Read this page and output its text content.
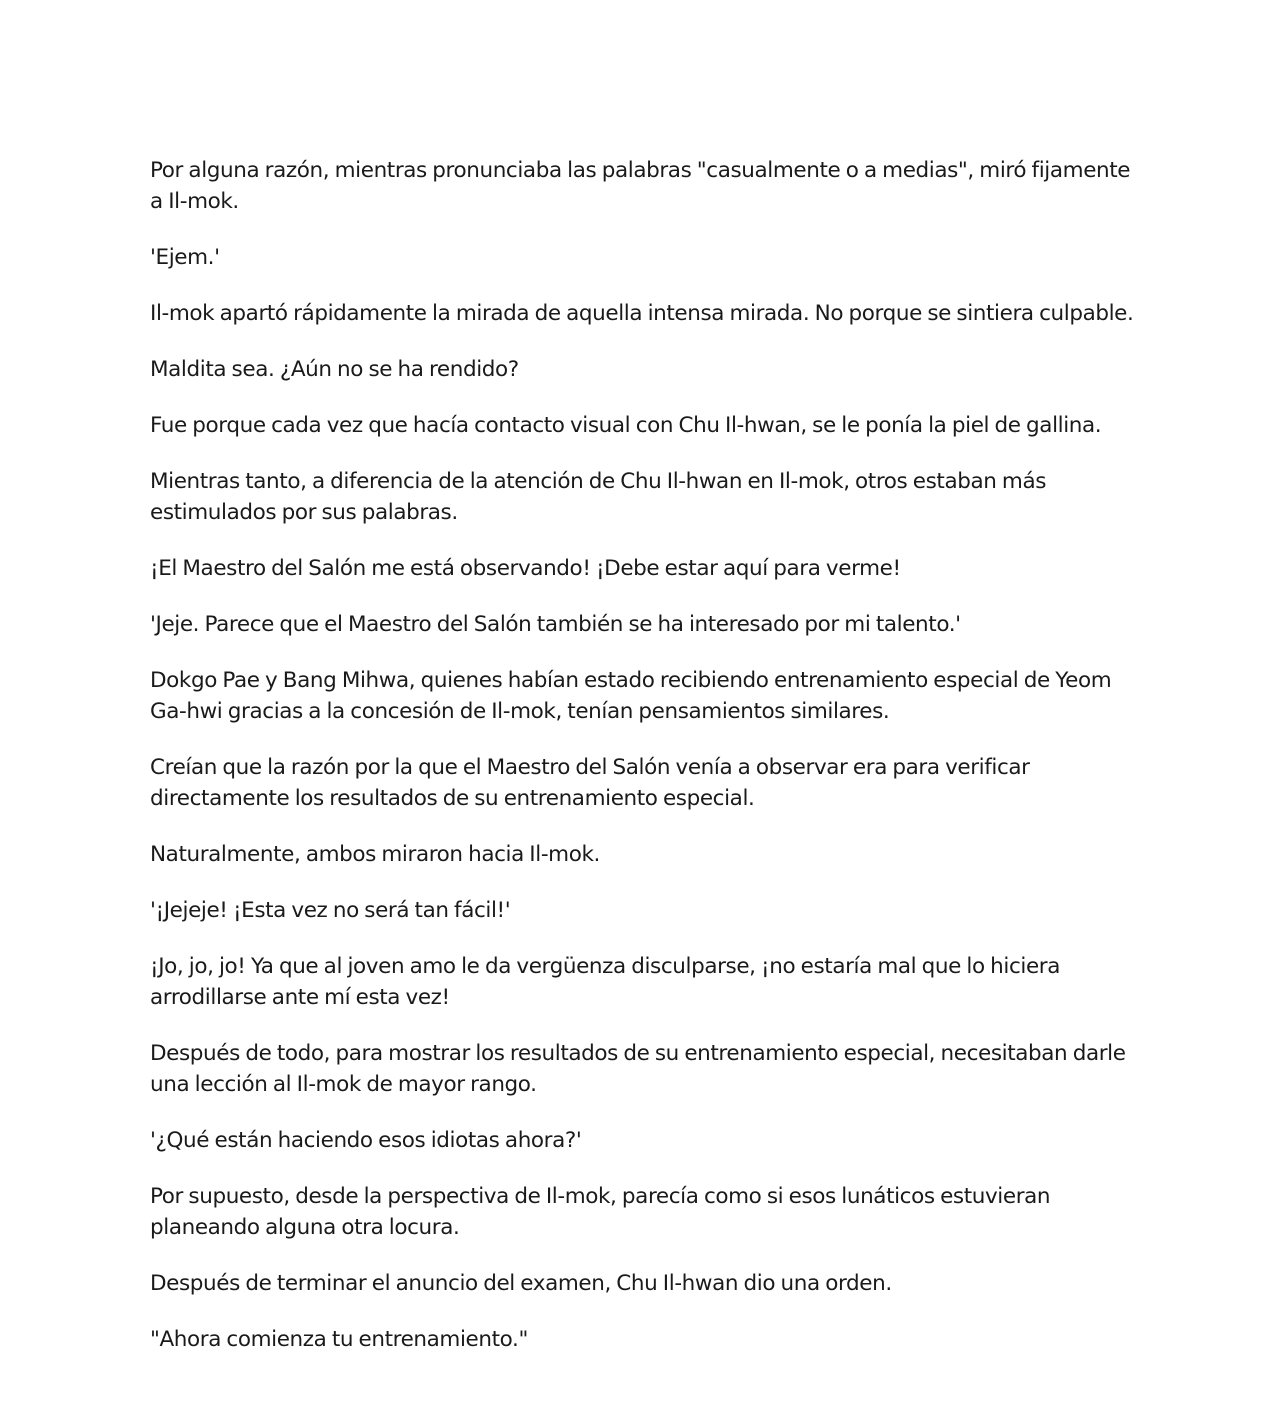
Por alguna razón, mientras pronunciaba las palabras "casualmente o a medias", miró fijamente a Il-mok.

'Ejem.'

Il-mok apartó rápidamente la mirada de aquella intensa mirada. No porque se sintiera culpable.

Maldita sea. ¿Aún no se ha rendido?

Fue porque cada vez que hacía contacto visual con Chu Il-hwan, se le ponía la piel de gallina.

Mientras tanto, a diferencia de la atención de Chu Il-hwan en Il-mok, otros estaban más estimulados por sus palabras.

¡El Maestro del Salón me está observando! ¡Debe estar aquí para verme!

'Jeje. Parece que el Maestro del Salón también se ha interesado por mi talento.'

Dokgo Pae y Bang Mihwa, quienes habían estado recibiendo entrenamiento especial de Yeom Ga-hwi gracias a la concesión de Il-mok, tenían pensamientos similares.

Creían que la razón por la que el Maestro del Salón venía a observar era para verificar directamente los resultados de su entrenamiento especial.

Naturalmente, ambos miraron hacia Il-mok.

'¡Jejeje! ¡Esta vez no será tan fácil!'

¡Jo, jo, jo! Ya que al joven amo le da vergüenza disculparse, ¡no estaría mal que lo hiciera arrodillarse ante mí esta vez!

Después de todo, para mostrar los resultados de su entrenamiento especial, necesitaban darle una lección al Il-mok de mayor rango.

'¿Qué están haciendo esos idiotas ahora?'

Por supuesto, desde la perspectiva de Il-mok, parecía como si esos lunáticos estuvieran planeando alguna otra locura.

Después de terminar el anuncio del examen, Chu Il-hwan dio una orden.

"Ahora comienza tu entrenamiento."
